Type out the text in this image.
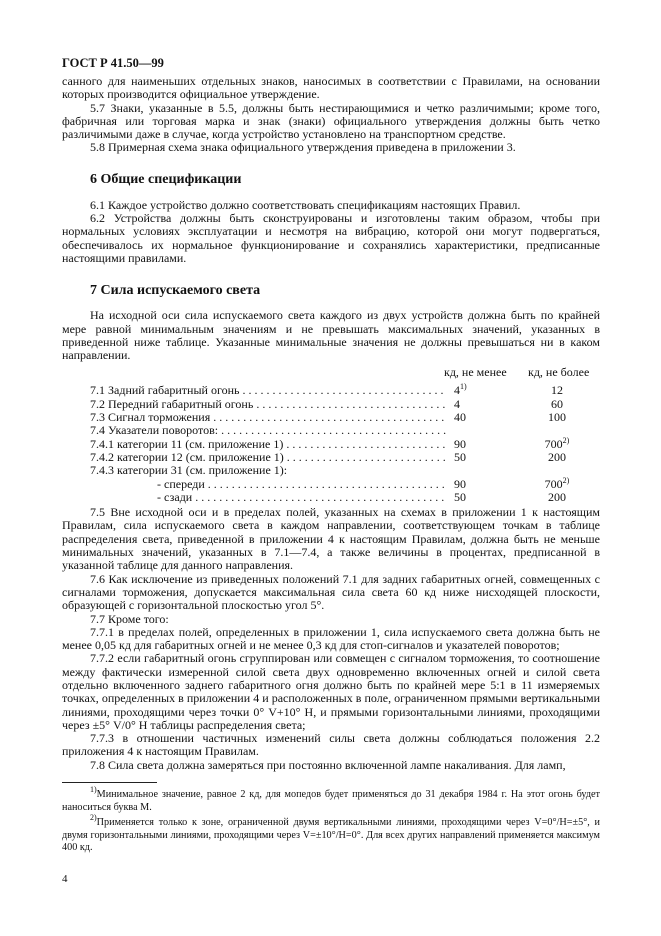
ГОСТ Р 41.50—99

санного для наименьших отдельных знаков, наносимых в соответствии с Правилами, на основании которых производится официальное утверждение.

5.7 Знаки, указанные в 5.5, должны быть нестирающимися и четко различимыми; кроме того, фабричная или торговая марка и знак (знаки) официального утверждения должны быть четко различимыми даже в случае, когда устройство установлено на транспортном средстве.

5.8 Примерная схема знака официального утверждения приведена в приложении 3.

6 Общие спецификации

6.1 Каждое устройство должно соответствовать спецификациям настоящих Правил.

6.2 Устройства должны быть сконструированы и изготовлены таким образом, чтобы при нормальных условиях эксплуатации и несмотря на вибрацию, которой они могут подвергаться, обеспечивалось их нормальное функционирование и сохранялись характеристики, предписанные настоящими правилами.

7 Сила испускаемого света

На исходной оси сила испускаемого света каждого из двух устройств должна быть по крайней мере равной минимальным значениям и не превышать максимальных значений, указанных в приведенной ниже таблице. Указанные минимальные значения не должны превышаться ни в каком направлении.

кд, не менее кд, не более
7.1 Задний габаритный огонь . . .	4$^{1)}$	12
7.2 Передний габаритный огонь . . .	4	60
7.3 Сигнал торможения . . .	40	100
7.4 Указатели поворотов: . . .
7.4.1 категории 11 (см. приложение 1) . . .	90	700$^{2)}$
7.4.2 категории 12 (см. приложение 1) . . .	50	200
7.4.3 категории 31 (см. приложение 1):
- спереди . . .	90	700$^{2)}$
- сзади . . .	50	200

7.5 Вне исходной оси и в пределах полей, указанных на схемах в приложении 1 к настоящим Правилам, сила испускаемого света в каждом направлении, соответствующем точкам в таблице распределения света, приведенной в приложении 4 к настоящим Правилам, должна быть не меньше минимальных значений, указанных в 7.1—7.4, а также величины в процентах, предписанной в указанной таблице для данного направления.

7.6 Как исключение из приведенных положений 7.1 для задних габаритных огней, совмещенных с сигналами торможения, допускается максимальная сила света 60 кд ниже нисходящей плоскости, образующей с горизонтальной плоскостью угол 5°.

7.7 Кроме того:

7.7.1 в пределах полей, определенных в приложении 1, сила испускаемого света должна быть не менее 0,05 кд для габаритных огней и не менее 0,3 кд для стоп-сигналов и указателей поворотов;

7.7.2 если габаритный огонь сгруппирован или совмещен с сигналом торможения, то соотношение между фактически измеренной силой света двух одновременно включенных огней и силой света отдельно включенного заднего габаритного огня должно быть по крайней мере 5:1 в 11 измеряемых точках, определенных в приложении 4 и расположенных в поле, ограниченном прямыми вертикальными линиями, проходящими через точки 0° V+10° H, и прямыми горизонтальными линиями, проходящими через ±5° V/0° H таблицы распределения света;

7.7.3 в отношении частичных изменений силы света должны соблюдаться положения 2.2 приложения 4 к настоящим Правилам.

7.8 Сила света должна замеряться при постоянно включенной лампе накаливания. Для ламп,

$^{1)}$Минимальное значение, равное 2 кд, для мопедов будет применяться до 31 декабря 1984 г. На этот огонь будет наноситься буква М.

$^{2)}$Применяется только к зоне, ограниченной двумя вертикальными линиями, проходящими через V=0°/H=±5°, и двумя горизонтальными линиями, проходящими через V=±10°/H=0°. Для всех других направлений применяется максимум 400 кд.

4
